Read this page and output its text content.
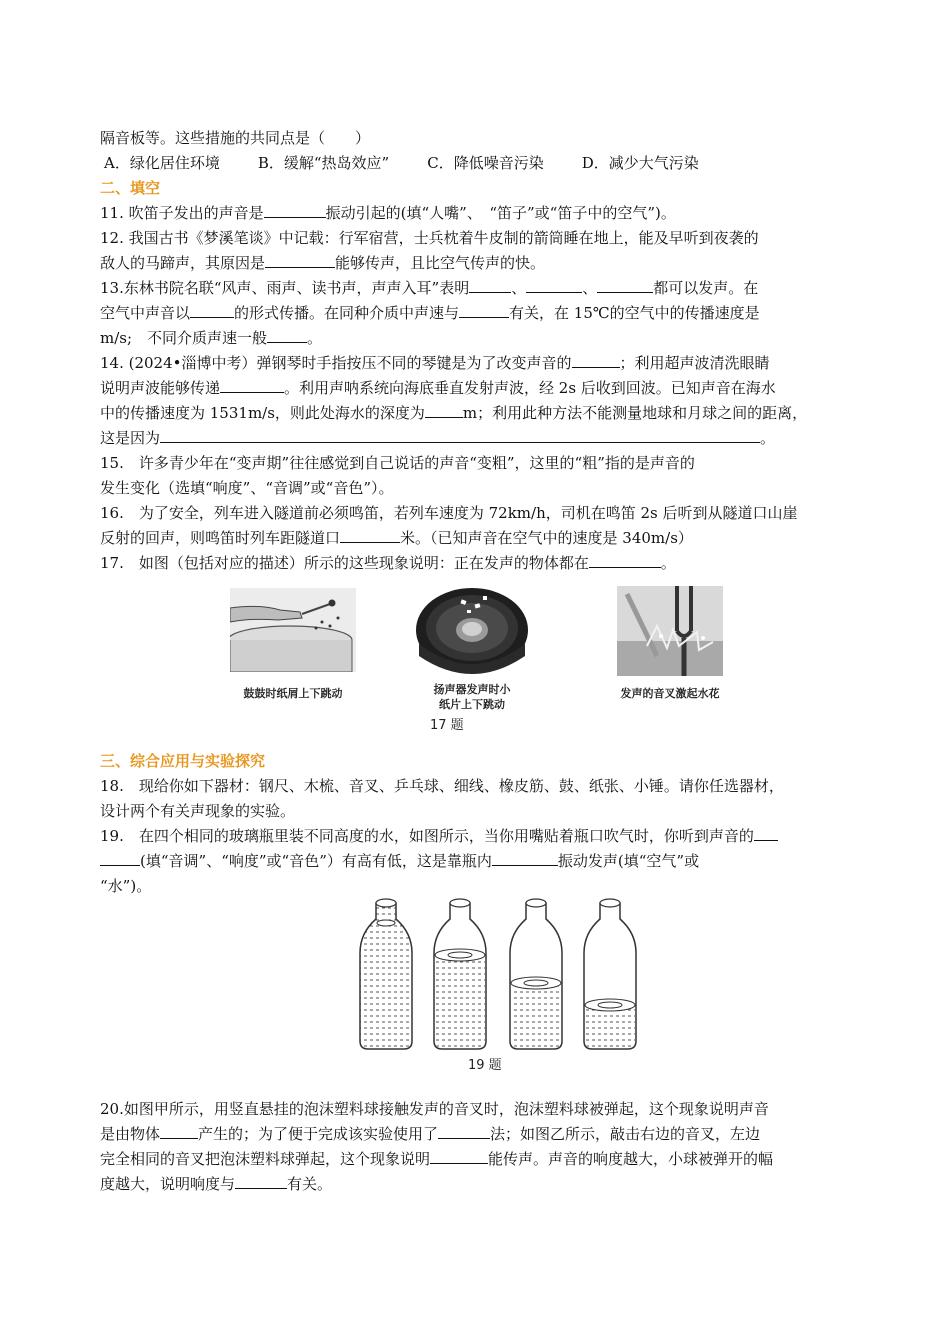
隔音板等。这些措施的共同点是（　　）
A．绿化居住环境	B．缓解“热岛效应”	C．降低噪音污染	D．减少大气污染
二、填空
11. 吹笛子发出的声音是	振动引起的(填“人嘴”、　“笛子”或“笛子中的空气”)。
12. 我国古书《梦溪笔谈》中记载：行军宿营，士兵枕着牛皮制的箭筒睡在地上，能及早听到夜袭的
敌人的马蹄声，其原因是	能够传声，且比空气传声的快。
13.东林书院名联“风声、雨声、读书声，声声入耳”表明	、	、	都可以发声。在
空气中声音以	的形式传播。在同种介质中声速与	有关，在 15℃的空气中的传播速度是
m/s;　不同介质声速一般	。
14. (2024•淄博中考）弹钢琴时手指按压不同的琴键是为了改变声音的	；利用超声波清洗眼睛
说明声波能够传递	。利用声呐系统向海底垂直发射声波，经 2s 后收到回波。已知声音在海水
中的传播速度为 1531m/s，则此处海水的深度为	m；利用此种方法不能测量地球和月球之间的距离，
这是因为	。
15.　许多青少年在“变声期”往往感觉到自己说话的声音“变粗”，这里的“粗”指的是声音的
发生变化（选填“响度”、“音调”或“音色”）。
16.　为了安全，列车进入隧道前必须鸣笛，若列车速度为 72km/h，司机在鸣笛 2s 后听到从隧道口山崖
反射的回声，则鸣笛时列车距隧道口	米。（已知声音在空气中的速度是 340m/s）
17.　如图（包括对应的描述）所示的这些现象说明：正在发声的物体都在	。
鼓鼓时纸屑上下跳动	扬声器发声时小
纸片上下跳动
发声的音叉激起水花
17 题
三、综合应用与实验探究
18.　现给你如下器材：钢尺、木梳、音叉、乒乓球、细线、橡皮筋、鼓、纸张、小锤。请你任选器材，
设计两个有关声现象的实验。
19.　在四个相同的玻璃瓶里装不同高度的水，如图所示，当你用嘴贴着瓶口吹气时，你听到声音的
(填“音调”、“响度”或“音色”）有高有低，这是靠瓶内	振动发声(填“空气”或
“水”)。
19 题
20.如图甲所示，用竖直悬挂的泡沫塑料球接触发声的音叉时，泡沫塑料球被弹起，这个现象说明声音
是由物体	产生的；为了便于完成该实验使用了	法；如图乙所示，敲击右边的音叉，左边
完全相同的音叉把泡沫塑料球弹起，这个现象说明	能传声。声音的响度越大，小球被弹开的幅
度越大，说明响度与	有关。
